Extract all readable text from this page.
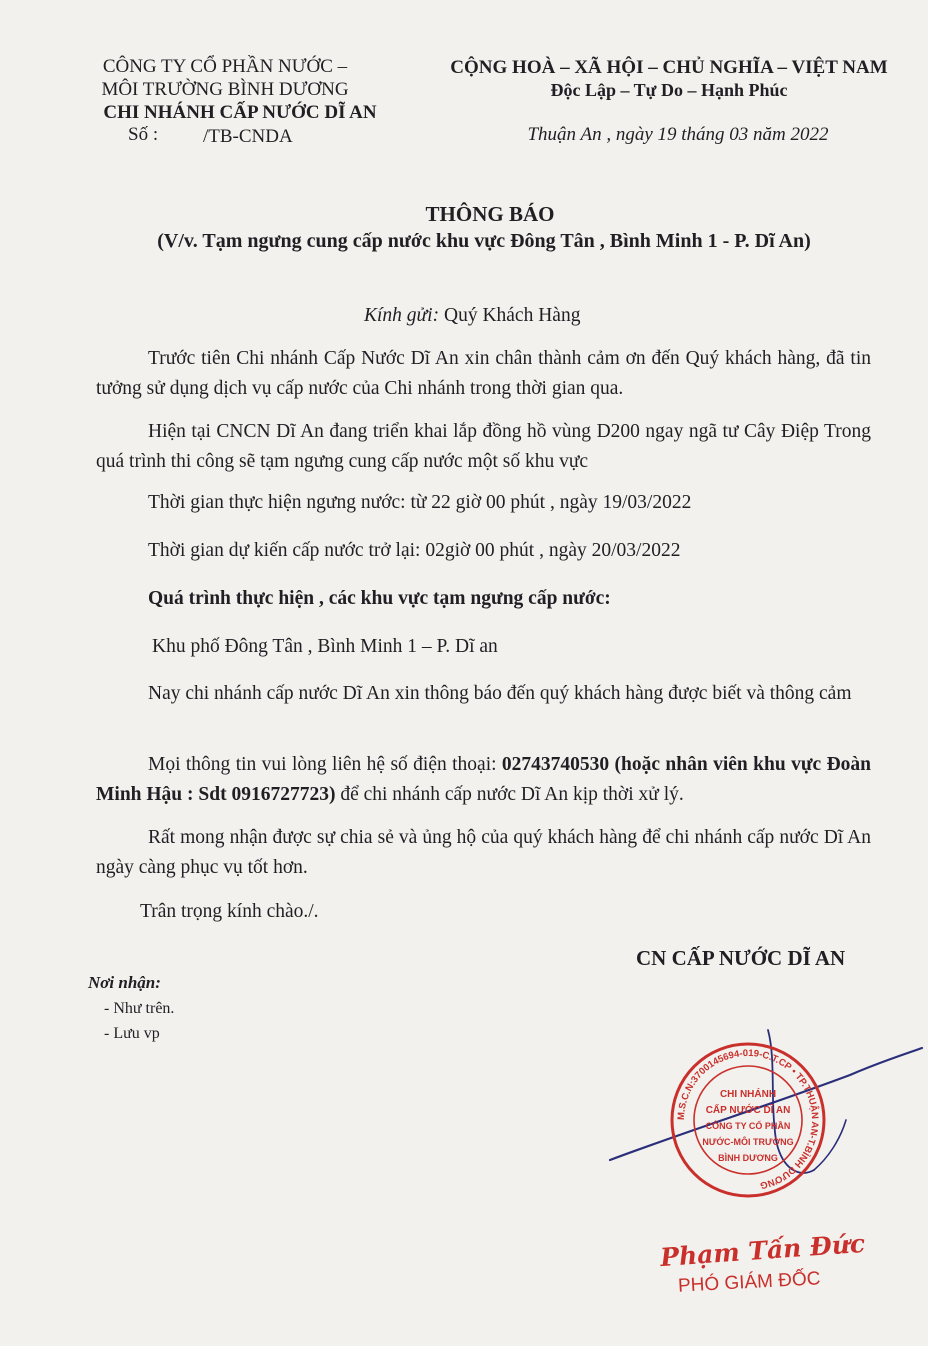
CÔNG TY CỔ PHẦN NƯỚC –
MÔI TRƯỜNG BÌNH DƯƠNG
CHI NHÁNH CẤP NƯỚC DĨ AN
Số : /TB-CNDA
CỘNG HOÀ – XÃ HỘI – CHỦ NGHĨA – VIỆT NAM
Độc Lập – Tự Do – Hạnh Phúc
Thuận An , ngày 19 tháng 03 năm 2022
THÔNG BÁO
(V/v. Tạm ngưng cung cấp nước khu vực Đông Tân , Bình Minh 1 - P. Dĩ An)
Kính gửi: Quý Khách Hàng
Trước tiên Chi nhánh Cấp Nước Dĩ An xin chân thành cảm ơn đến Quý khách hàng, đã tin tưởng sử dụng dịch vụ cấp nước của Chi nhánh trong thời gian qua.
Hiện tại CNCN Dĩ An đang triển khai lắp đồng hồ vùng D200 ngay ngã tư Cây Điệp Trong quá trình thi công sẽ tạm ngưng cung cấp nước một số khu vực
Thời gian thực hiện ngưng nước: từ 22 giờ 00 phút , ngày 19/03/2022
Thời gian dự kiến cấp nước trở lại: 02giờ 00 phút , ngày 20/03/2022
Quá trình thực hiện , các khu vực tạm ngưng cấp nước:
Khu phố Đông Tân , Bình Minh 1 – P. Dĩ an
Nay chi nhánh cấp nước Dĩ An xin thông báo đến quý khách hàng được biết và thông cảm
Mọi thông tin vui lòng liên hệ số điện thoại: 02743740530 (hoặc nhân viên khu vực Đoàn Minh Hậu : Sdt 0916727723) để chi nhánh cấp nước Dĩ An kịp thời xử lý.
Rất mong nhận được sự chia sẻ và ủng hộ của quý khách hàng để chi nhánh cấp nước Dĩ An ngày càng phục vụ tốt hơn.
Trân trọng kính chào./.
CN CẤP NƯỚC DĨ AN
Nơi nhận:
- Như trên.
- Lưu vp
M.S.C.N:3700145694-019-C.T.CP • TP.THUẬN AN-T.BÌNH DƯƠNG
CHI NHÁNH
CẤP NƯỚC DĨ AN
CÔNG TY CỔ PHẦN
NƯỚC-MÔI TRƯỜNG
BÌNH DƯƠNG
Phạm Tấn Đức
PHÓ GIÁM ĐỐC
